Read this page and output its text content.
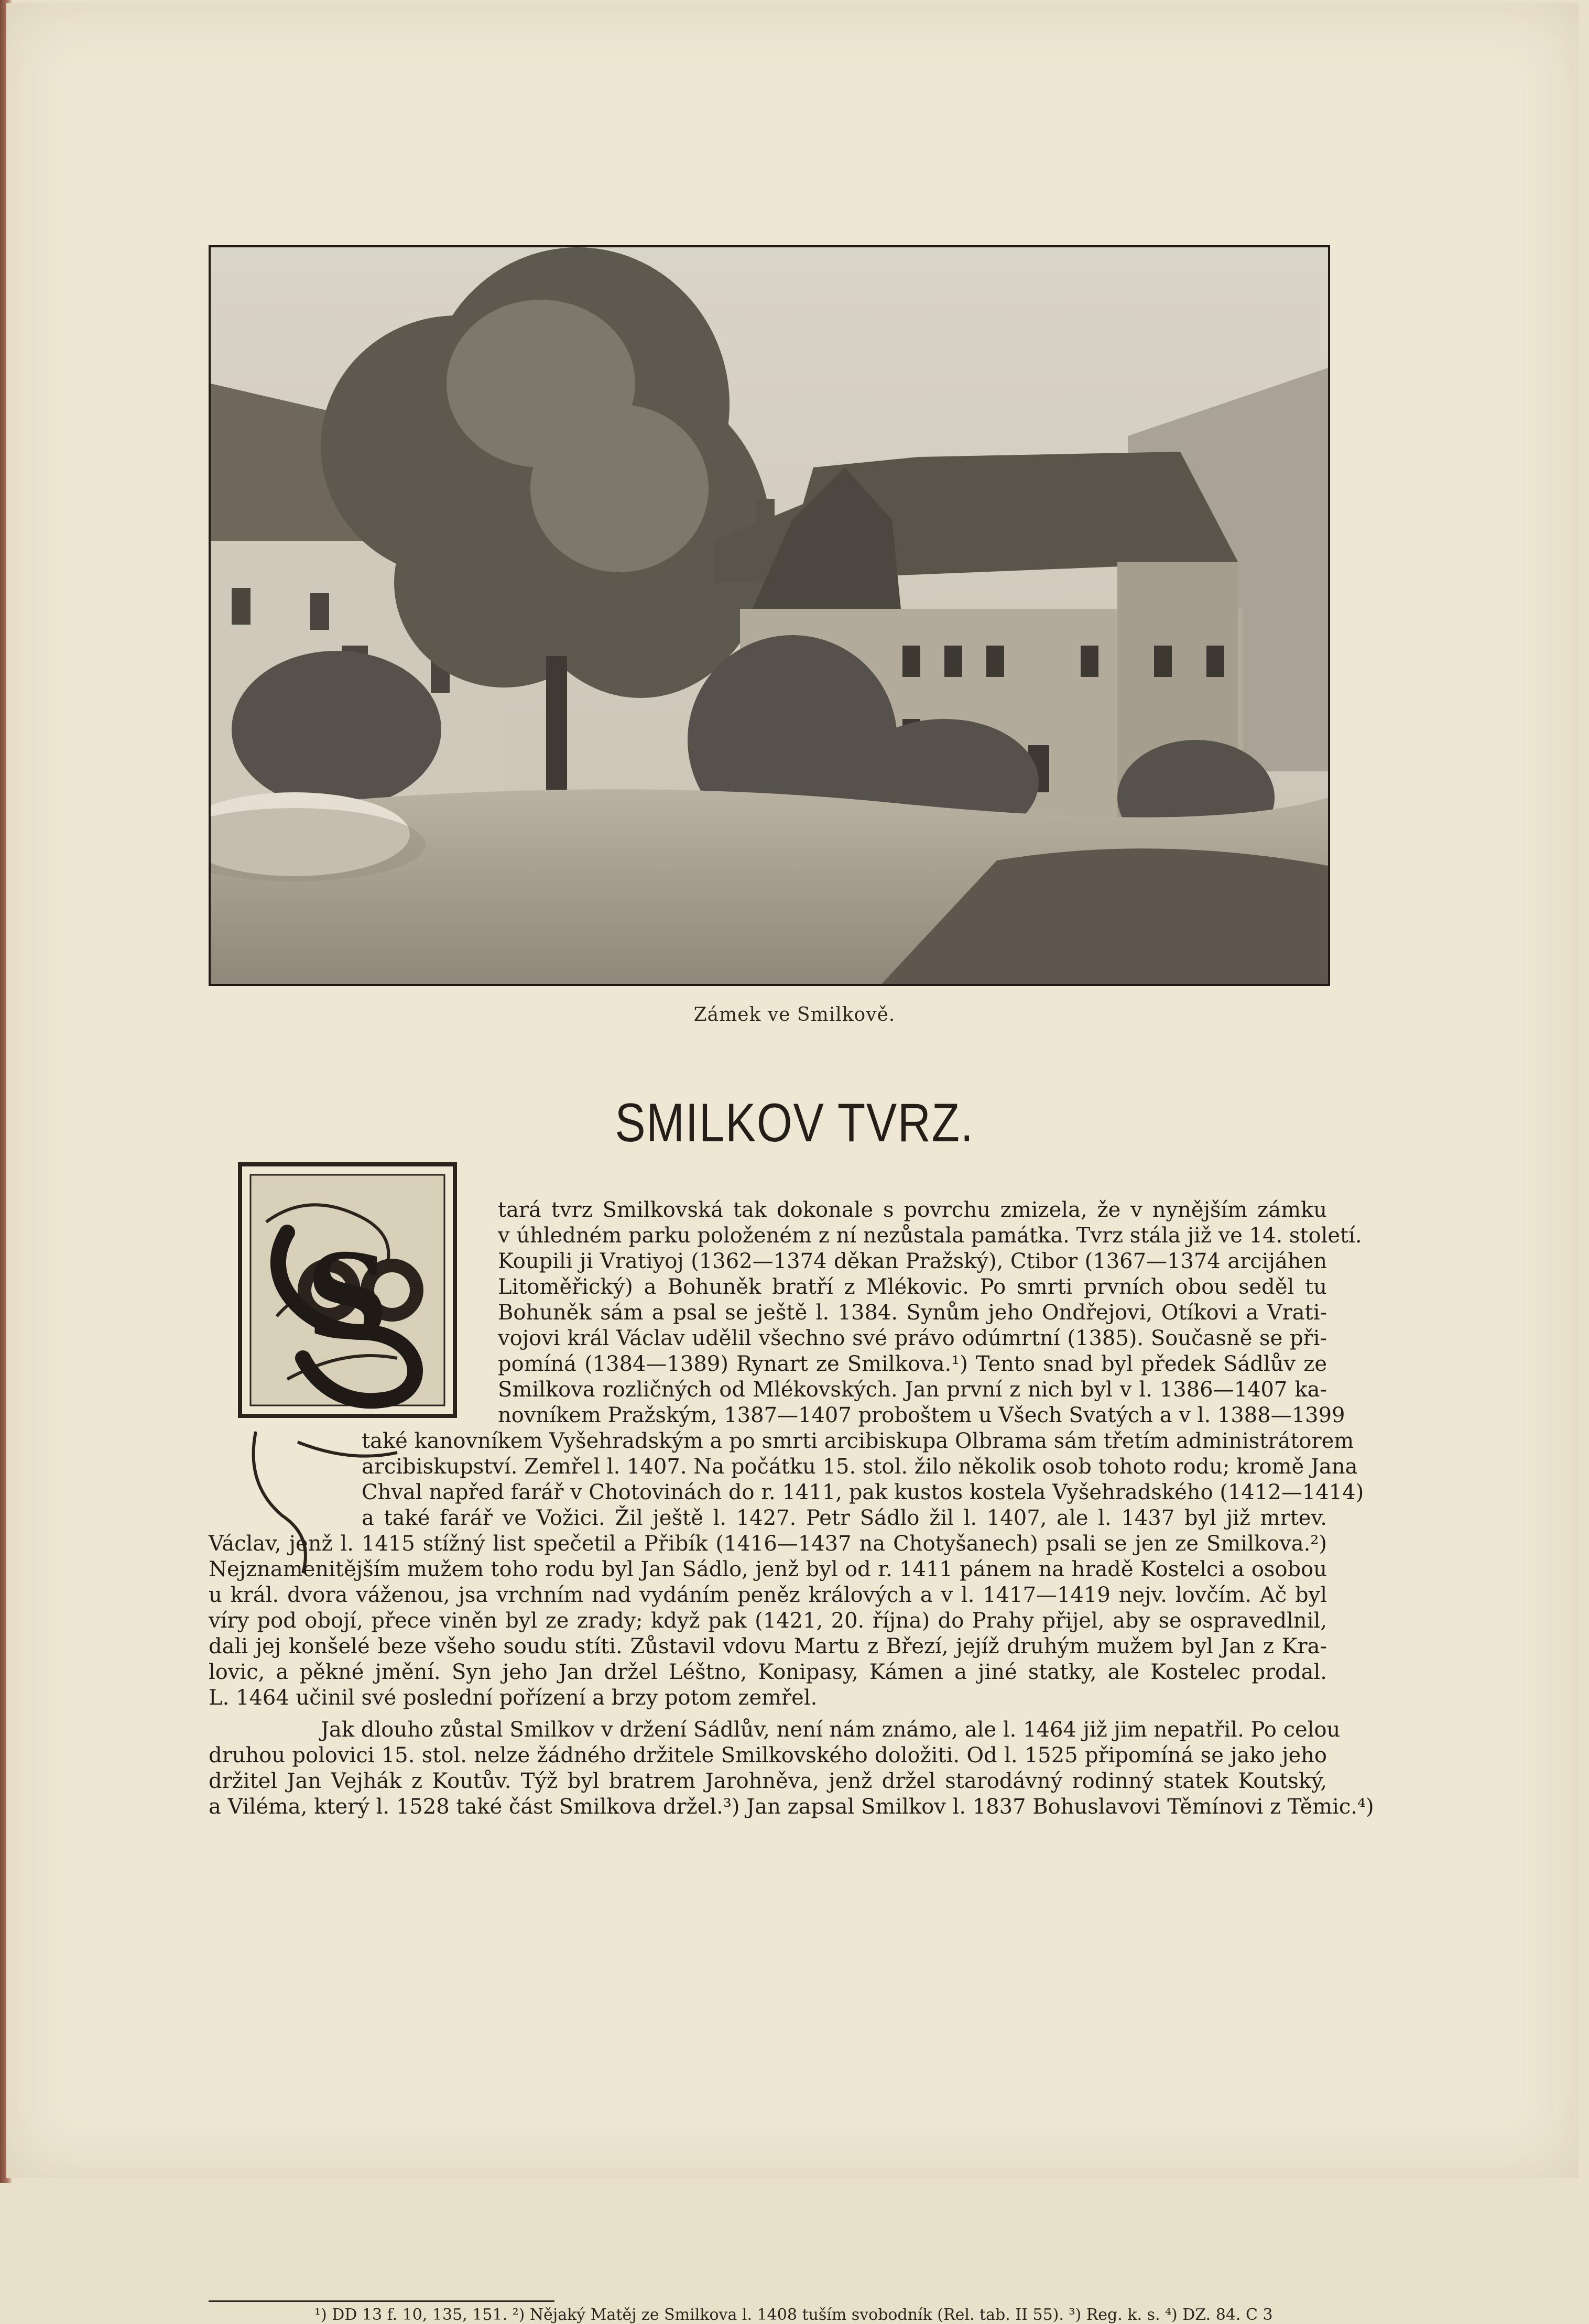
Zámek ve Smilkově.
SMILKOV TVRZ.
S
tará tvrz Smilkovská tak dokonale s povrchu zmizela, že v nynějším zámku
v úhledném parku položeném z ní nezůstala památka. Tvrz stála již ve 14. století.
Koupili ji Vratiyoj (1362—1374 děkan Pražský), Ctibor (1367—1374 arcijáhen
Litoměřický) a Bohuněk bratří z Mlékovic. Po smrti prvních obou seděl tu
Bohuněk sám a psal se ještě l. 1384. Synům jeho Ondřejovi, Otíkovi a Vrati-
vojovi král Václav udělil všechno své právo odúmrtní (1385). Současně se při-
pomíná (1384—1389) Rynart ze Smilkova.¹) Tento snad byl předek Sádlův ze
Smilkova rozličných od Mlékovských. Jan první z nich byl v l. 1386—1407 ka-
novníkem Pražským, 1387—1407 proboštem u Všech Svatých a v l. 1388—1399
také kanovníkem Vyšehradským a po smrti arcibiskupa Olbrama sám třetím administrátorem
arcibiskupství. Zemřel l. 1407. Na počátku 15. stol. žilo několik osob tohoto rodu; kromě Jana
Chval napřed farář v Chotovinách do r. 1411, pak kustos kostela Vyšehradského (1412—1414)
a také farář ve Vožici. Žil ještě l. 1427. Petr Sádlo žil l. 1407, ale l. 1437 byl již mrtev.
Václav, jenž l. 1415 stížný list spečetil a Přibík (1416—1437 na Chotyšanech) psali se jen ze Smilkova.²)
Nejznamenitějším mužem toho rodu byl Jan Sádlo, jenž byl od r. 1411 pánem na hradě Kostelci a osobou
u král. dvora váženou, jsa vrchním nad vydáním peněz králových a v l. 1417—1419 nejv. lovčím. Ač byl
víry pod obojí, přece viněn byl ze zrady; když pak (1421, 20. října) do Prahy přijel, aby se ospravedlnil,
dali jej konšelé beze všeho soudu stíti. Zůstavil vdovu Martu z Březí, jejíž druhým mužem byl Jan z Kra-
lovic, a pěkné jmění. Syn jeho Jan držel Léštno, Konipasy, Kámen a jiné statky, ale Kostelec prodal.
L. 1464 učinil své poslední pořízení a brzy potom zemřel.
Jak dlouho zůstal Smilkov v držení Sádlův, není nám známo, ale l. 1464 již jim nepatřil. Po celou
druhou polovici 15. stol. nelze žádného držitele Smilkovského doložiti. Od l. 1525 připomíná se jako jeho
držitel Jan Vejhák z Koutův. Týž byl bratrem Jarohněva, jenž držel starodávný rodinný statek Koutský,
a Viléma, který l. 1528 také část Smilkova držel.³) Jan zapsal Smilkov l. 1837 Bohuslavovi Těmínovi z Těmic.⁴)
¹) DD 13 f. 10, 135, 151. ²) Nějaký Matěj ze Smilkova l. 1408 tuším svobodník (Rel. tab. II 55). ³) Reg. k. s. ⁴) DZ. 84. C 3
